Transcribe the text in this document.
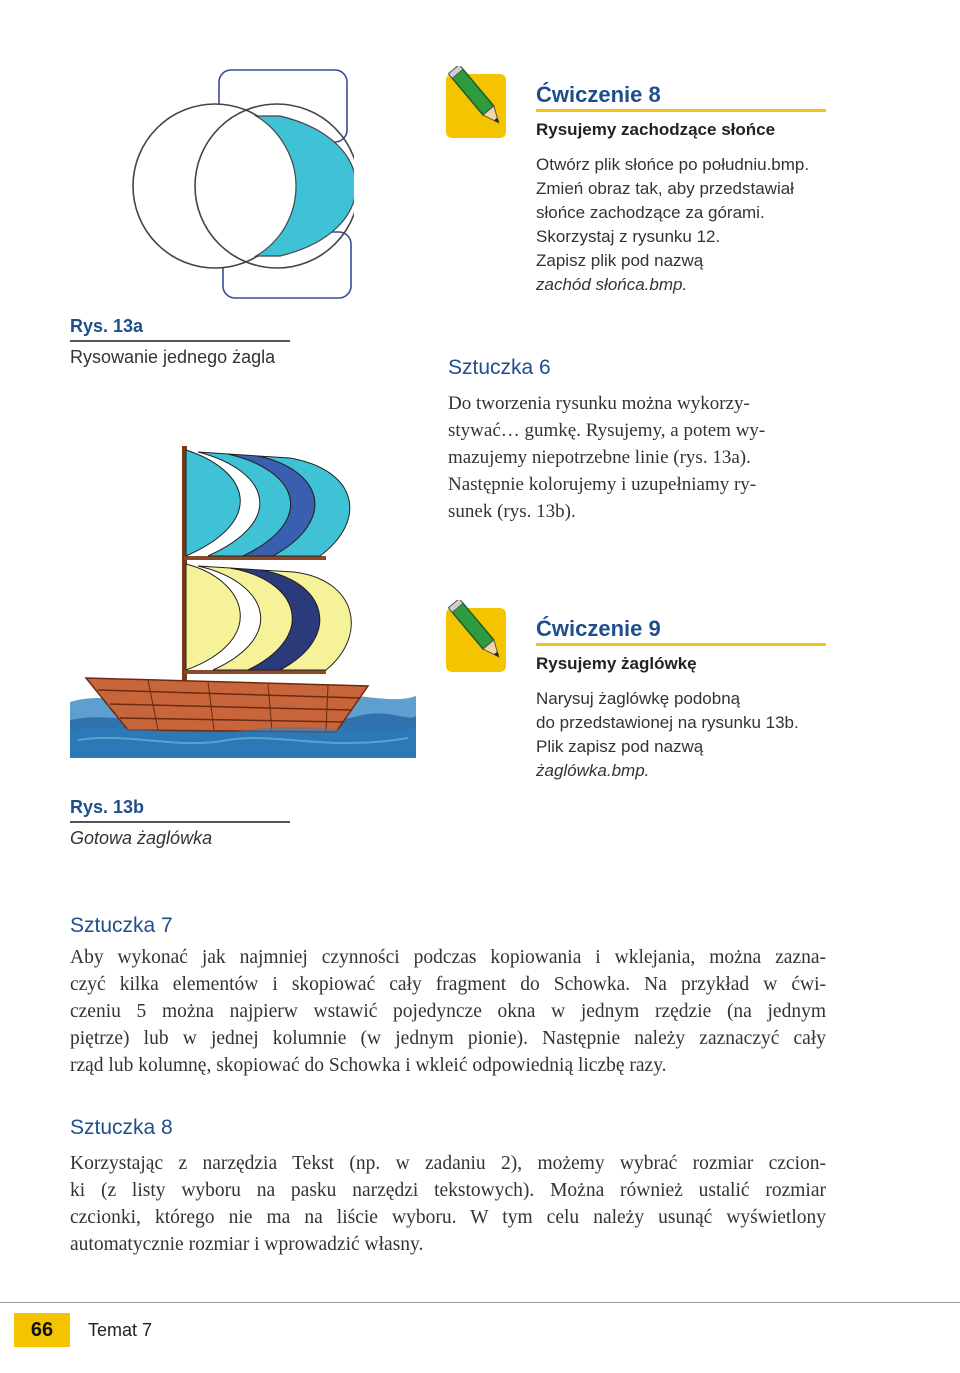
Rys. 13a
Rysowanie jednego żagla
Ćwiczenie 8
Rysujemy zachodzące słońce
Otwórz plik słońce po południu.bmp.
Zmień obraz tak, aby przedstawiał
słońce zachodzące za górami.
Skorzystaj z rysunku 12.
Zapisz plik pod nazwą
zachód słońca.bmp.
Sztuczka 6
Do tworzenia rysunku można wykorzy-
stywać… gumkę. Rysujemy, a potem wy-
mazujemy niepotrzebne linie (rys. 13a).
Następnie kolorujemy i uzupełniamy ry-
sunek (rys. 13b).
Rys. 13b
Gotowa żaglówka
Ćwiczenie 9
Rysujemy żaglówkę
Narysuj żaglówkę podobną
do przedstawionej na rysunku 13b.
Plik zapisz pod nazwą
żaglówka.bmp.
Sztuczka 7
Aby wykonać jak najmniej czynności podczas kopiowania i wklejania, można zazna-
czyć kilka elementów i skopiować cały fragment do Schowka. Na przykład w ćwi-
czeniu 5 można najpierw wstawić pojedyncze okna w jednym rzędzie (na jednym
piętrze) lub w jednej kolumnie (w jednym pionie). Następnie należy zaznaczyć cały
rząd lub kolumnę, skopiować do Schowka i wkleić odpowiednią liczbę razy.
Sztuczka 8
Korzystając z narzędzia Tekst (np. w zadaniu 2), możemy wybrać rozmiar czcion-
ki (z listy wyboru na pasku narzędzi tekstowych). Można również ustalić rozmiar
czcionki, którego nie ma na liście wyboru. W tym celu należy usunąć wyświetlony
automatycznie rozmiar i wprowadzić własny.
66	Temat 7
